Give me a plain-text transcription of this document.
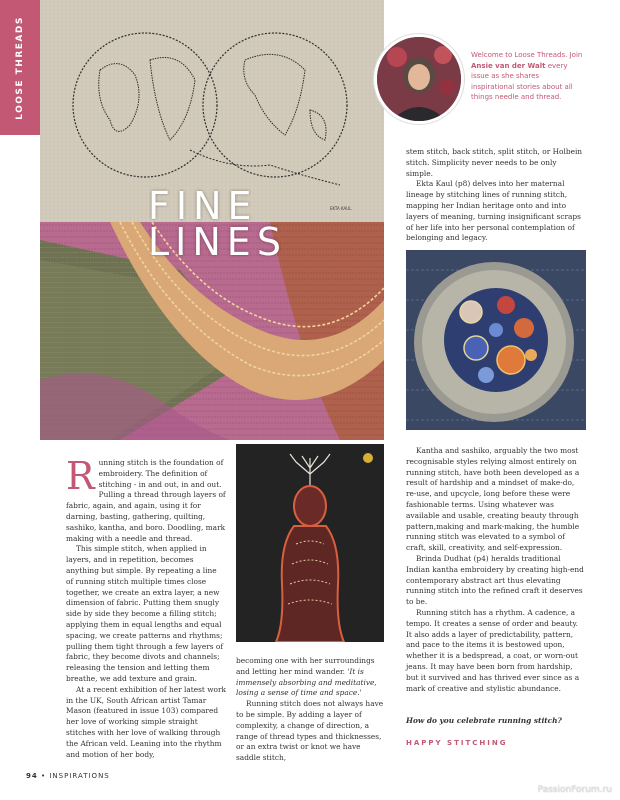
LOOSE THREADS
EKTA KAUL
FINE
LINES
Welcome to Loose Threads. Join Ansie van der Walt every issue as she shares inspirational stories about all things needle and thread.

stem stitch, back stitch, split stitch, or Holbein stitch. Simplicity never needs to be only simple.

Ekta Kaul (p8) delves into her maternal lineage by stitching lines of running stitch, mapping her Indian heritage onto and into layers of meaning, turning insignificant scraps of her life into her personal contemplation of belonging and legacy.

Running stitch is the foundation of embroidery. The definition of stitching - in and out, in and out. Pulling a thread through layers of fabric, again, and again, using it for darning, basting, gathering, quilting, sashiko, kantha, and boro. Doodling, mark making with a needle and thread.

This simple stitch, when applied in layers, and in repetition, becomes anything but simple. By repeating a line of running stitch multiple times close together, we create an extra layer, a new dimension of fabric. Putting them snugly side by side they become a filling stitch; applying them in equal lengths and equal spacing, we create patterns and rhythms; pulling them tight through a few layers of fabric, they become divots and channels; releasing the tension and letting them breathe, we add texture and grain.

At a recent exhibition of her latest work in the UK, South African artist Tamar Mason (featured in issue 103) compared her love of working simple straight stitches with her love of walking through the African veld. Leaning into the rhythm and motion of her body,

becoming one with her surroundings and letting her mind wander. 'It is immensely absorbing and meditative, losing a sense of time and space.'

Running stitch does not always have to be simple. By adding a layer of complexity, a change of direction, a range of thread types and thicknesses, or an extra twist or knot we have saddle stitch,

Kantha and sashiko, arguably the two most recognisable styles relying almost entirely on running stitch, have both been developed as a result of hardship and a mindset of make-do, re-use, and upcycle, long before these were fashionable terms. Using whatever was available and usable, creating beauty through pattern,making and mark-making, the humble running stitch was elevated to a symbol of craft, skill, creativity, and self-expression.

Brinda Dudhat (p4) heralds traditional Indian kantha embroidery by creating high-end contemporary abstract art thus elevating running stitch into the refined craft it deserves to be.

Running stitch has a rhythm. A cadence, a tempo. It creates a sense of order and beauty. It also adds a layer of predictability, pattern, and pace to the items it is bestowed upon, whether it is a bedspread, a coat, or worn-out jeans. It may have been born from hardship, but it survived and has thrived ever since as a mark of creative and stylistic abundance.

How do you celebrate running stitch?
HAPPY STITCHING
94 • INSPIRATIONS
PassionForum.ru
